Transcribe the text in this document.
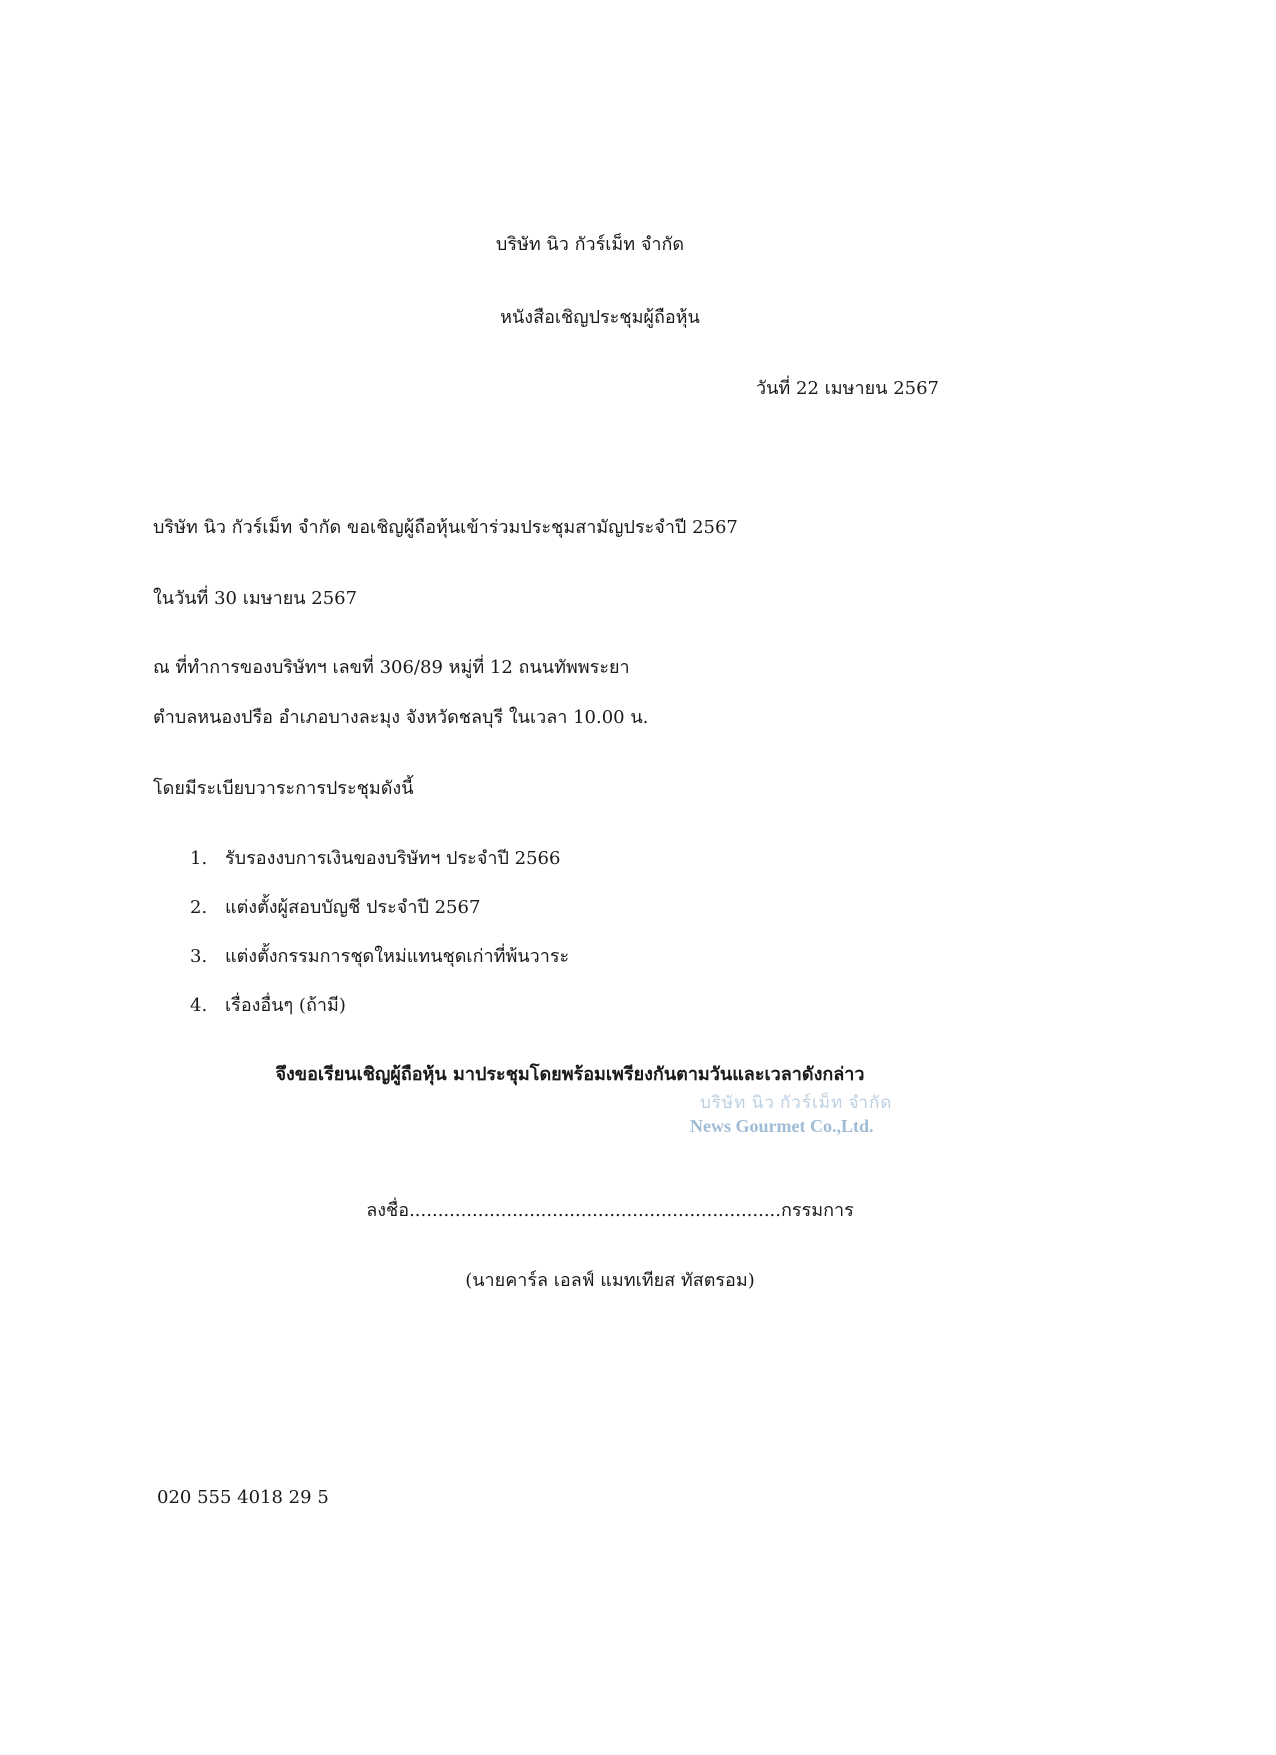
บริษัท นิว กัวร์เม็ท จำกัด
หนังสือเชิญประชุมผู้ถือหุ้น
วันที่ 22 เมษายน 2567
บริษัท นิว กัวร์เม็ท จำกัด ขอเชิญผู้ถือหุ้นเข้าร่วมประชุมสามัญประจำปี 2567
ในวันที่ 30 เมษายน 2567
ณ ที่ทำการของบริษัทฯ เลขที่ 306/89 หมู่ที่ 12 ถนนทัพพระยา
ตำบลหนองปรือ อำเภอบางละมุง จังหวัดชลบุรี ในเวลา 10.00 น.
โดยมีระเบียบวาระการประชุมดังนี้
1. รับรองงบการเงินของบริษัทฯ ประจำปี 2566
2. แต่งตั้งผู้สอบบัญชี ประจำปี 2567
3. แต่งตั้งกรรมการชุดใหม่แทนชุดเก่าที่พ้นวาระ
4. เรื่องอื่นๆ (ถ้ามี)
จึงขอเรียนเชิญผู้ถือหุ้น มาประชุมโดยพร้อมเพรียงกันตามวันและเวลาดังกล่าว
บริษัท นิว กัวร์เม็ท จำกัด
News Gourmet Co.,Ltd.
ลงชื่อ.................................................................กรรมการ
(นายคาร์ล เอลฟ์ แมทเทียส ทัสตรอม)
020 555 4018 29 5
